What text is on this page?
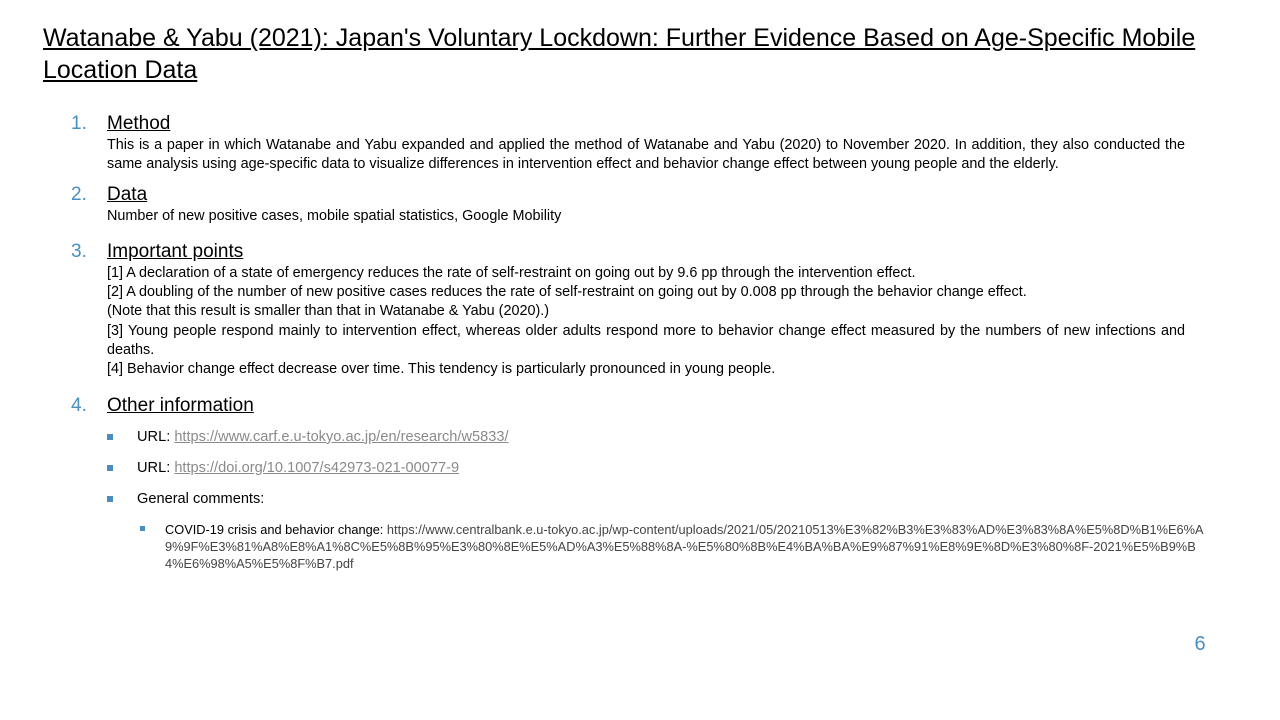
Watanabe & Yabu (2021): Japan's Voluntary Lockdown: Further Evidence Based on Age-Specific Mobile Location Data
1. Method
This is a paper in which Watanabe and Yabu expanded and applied the method of Watanabe and Yabu (2020) to November 2020. In addition, they also conducted the same analysis using age-specific data to visualize differences in intervention effect and behavior change effect between young people and the elderly.
2. Data
Number of new positive cases, mobile spatial statistics, Google Mobility
3. Important points
[1] A declaration of a state of emergency reduces the rate of self-restraint on going out by 9.6 pp through the intervention effect.
[2] A doubling of the number of new positive cases reduces the rate of self-restraint on going out by 0.008 pp through the behavior change effect.
(Note that this result is smaller than that in Watanabe & Yabu (2020).)
[3] Young people respond mainly to intervention effect, whereas older adults respond more to behavior change effect measured by the numbers of new infections and deaths.
[4] Behavior change effect decrease over time. This tendency is particularly pronounced in young people.
4. Other information
URL: https://www.carf.e.u-tokyo.ac.jp/en/research/w5833/
URL: https://doi.org/10.1007/s42973-021-00077-9
General comments:
COVID-19 crisis and behavior change: https://www.centralbank.e.u-tokyo.ac.jp/wp-content/uploads/2021/05/20210513%E3%82%B3%E3%83%AD%E3%83%8A%E5%8D%B1%E6%A9%9F%E3%81%A8%E8%A1%8C%E5%8B%95%E3%80%8E%E5%AD%A3%E5%88%8A-%E5%80%8B%E4%BA%BA%E9%87%91%E8%9E%8D%E3%80%8F-2021%E5%B9%B4%E6%98%A5%E5%8F%B7.pdf
6
